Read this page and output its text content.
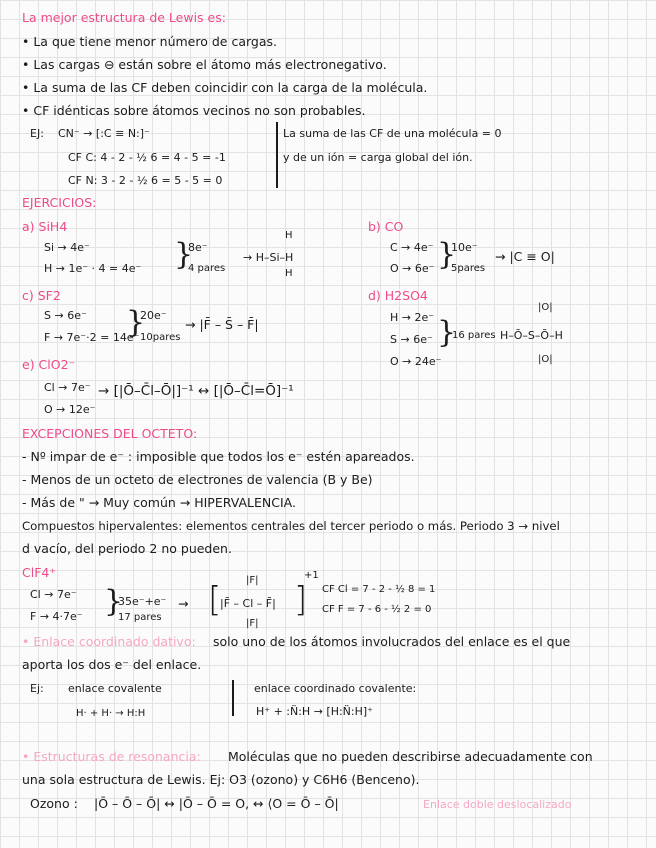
La mejor estructura de Lewis es:
• La que tiene menor número de cargas.
• Las cargas ⊖ están sobre el átomo más electronegativo.
• La suma de las CF deben coincidir con la carga de la molécula.
• CF idénticas sobre átomos vecinos no son probables.
EJ: CN⁻ → [:C ≡ N:]⁻
CF C: 4 - 2 - ½ 6 = 4 - 5 = -1
CF N: 3 - 2 - ½ 6 = 5 - 5 = 0
La suma de las CF de una molécula = 0
y de un ión = carga global del ión.
EJERCICIOS:
a) SiH4
Si → 4e⁻
H → 1e⁻ · 4 = 4e⁻ }
8e⁻
4 pares
H
→ H–Si–H
H
b) CO
C → 4e⁻
O → 6e⁻ }
10e⁻
5pares
→ |C ≡ O|
c) SF2
S → 6e⁻
F → 7e⁻·2 = 14e⁻
}
20e⁻
10pares
→ |F̄ – S̄ – F̄|
d) H2SO4
H → 2e⁻
S → 6e⁻
O → 24e⁻
}
16 pares
|O|
H–Ō–S–Ō–H
|O|
e) ClO2⁻
Cl → 7e⁻
O → 12e⁻
→ [|Ō–C̄l–Ō|]⁻¹ ↔ [|Ō–C̄l=Ō]⁻¹
EXCEPCIONES DEL OCTETO:
- Nº impar de e⁻ : imposible que todos los e⁻ estén apareados.
- Menos de un octeto de electrones de valencia (B y Be)
- Más de " → Muy común → HIPERVALENCIA.
Compuestos hipervalentes: elementos centrales del tercer periodo o más. Periodo 3 → nivel
d vacío, del periodo 2 no pueden.
ClF4⁺
Cl → 7e⁻
F → 4·7e⁻ }
35e⁻+e⁻
17 pares
→ [ |F|
|F̄ – Cl – F̄|
|F|
]
+1
CF Cl = 7 - 2 - ½ 8 = 1
CF F = 7 - 6 - ½ 2 = 0
• Enlace coordinado dativo: solo uno de los átomos involucrados del enlace es el que
aporta los dos e⁻ del enlace.
Ej: enlace covalente
H· + H· → H:H
enlace coordinado covalente:
H⁺ + :N̈:H → [H:N̈:H]⁺
• Estructuras de resonancia: Moléculas que no pueden describirse adecuadamente con
una sola estructura de Lewis. Ej: O3 (ozono) y C6H6 (Benceno).
Ozono : |Ō – Ō – Ō| ↔ |Ō – Ō = O, ↔ ⟨O = Ō – Ō|	Enlace doble deslocalizado
